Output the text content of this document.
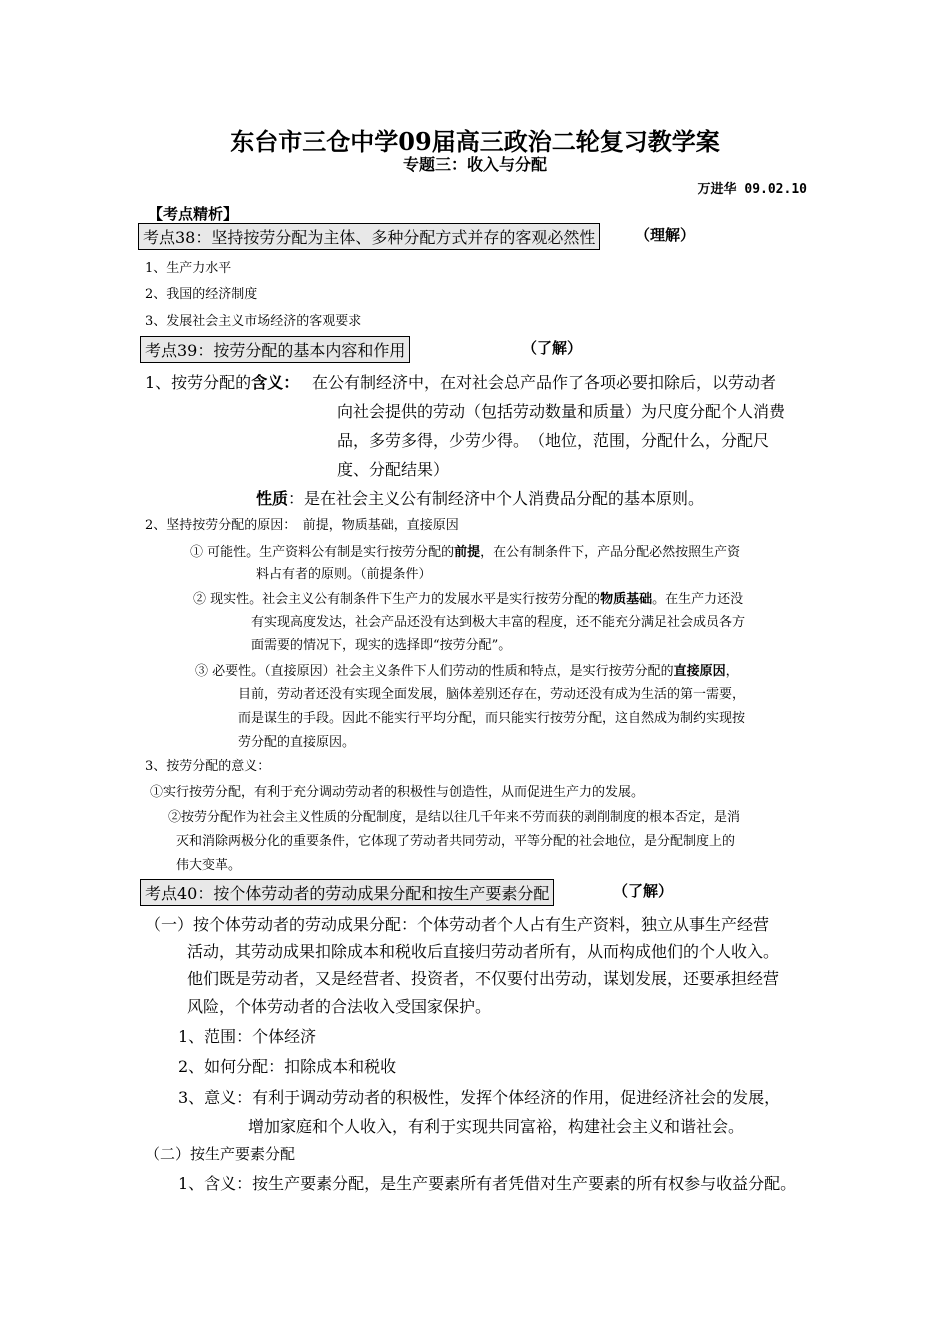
东台市三仓中学09届高三政治二轮复习教学案
专题三：收入与分配
万进华 09.02.10
【考点精析】
考点38：坚持按劳分配为主体、多种分配方式并存的客观必然性	（理解）
1、生产力水平
2、我国的经济制度
3、发展社会主义市场经济的客观要求
考点39：按劳分配的基本内容和作用	（了解）
1、按劳分配的含义： 在公有制经济中，在对社会总产品作了各项必要扣除后，以劳动者
向社会提供的劳动（包括劳动数量和质量）为尺度分配个人消费
品，多劳多得，少劳少得。　（地位，范围，分配什么，分配尺
度、分配结果）
性质：是在社会主义公有制经济中个人消费品分配的基本原则。
2、坚持按劳分配的原因：　前提，物质基础，直接原因
① 可能性。生产资料公有制是实行按劳分配的前提，在公有制条件下，产品分配必然按照生产资
料占有者的原则。（前提条件）
② 现实性。社会主义公有制条件下生产力的发展水平是实行按劳分配的物质基础。在生产力还没
有实现高度发达，社会产品还没有达到极大丰富的程度，还不能充分满足社会成员各方
面需要的情况下，现实的选择即“按劳分配”。
③ 必要性。（直接原因）社会主义条件下人们劳动的性质和特点，是实行按劳分配的直接原因，
目前，劳动者还没有实现全面发展，脑体差别还存在，劳动还没有成为生活的第一需要，
而是谋生的手段。因此不能实行平均分配，而只能实行按劳分配，这自然成为制约实现按
劳分配的直接原因。
3、按劳分配的意义：
①实行按劳分配，有利于充分调动劳动者的积极性与创造性，从而促进生产力的发展。
②按劳分配作为社会主义性质的分配制度，是结以往几千年来不劳而获的剥削制度的根本否定，是消
灭和消除两极分化的重要条件，它体现了劳动者共同劳动，平等分配的社会地位，是分配制度上的
伟大变革。
考点40：按个体劳动者的劳动成果分配和按生产要素分配	（了解）
（一）按个体劳动者的劳动成果分配：个体劳动者个人占有生产资料，独立从事生产经营
活动，其劳动成果扣除成本和税收后直接归劳动者所有，从而构成他们的个人收入。
他们既是劳动者，又是经营者、投资者，不仅要付出劳动，谋划发展，还要承担经营
风险，个体劳动者的合法收入受国家保护。
1、范围：个体经济
2、如何分配：扣除成本和税收
3、意义：有利于调动劳动者的积极性，发挥个体经济的作用，促进经济社会的发展，
增加家庭和个人收入，有利于实现共同富裕，构建社会主义和谐社会。
（二）按生产要素分配
1、含义：按生产要素分配，是生产要素所有者凭借对生产要素的所有权参与收益分配。
